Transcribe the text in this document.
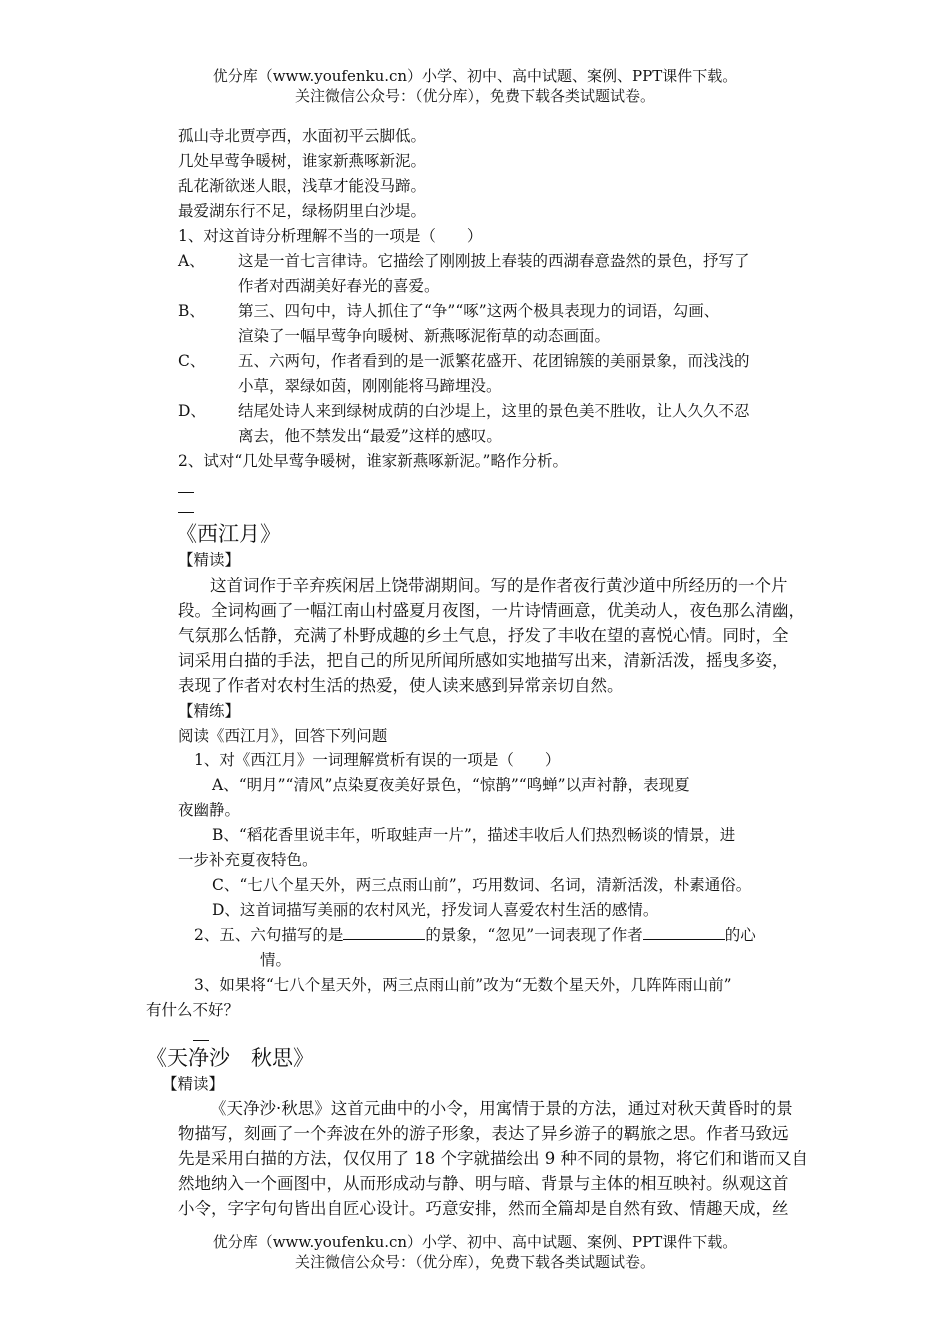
优分库（www.youfenku.cn）小学、初中、高中试题、案例、PPT课件下载。
关注微信公众号：（优分库），免费下载各类试题试卷。
孤山寺北贾亭西，水面初平云脚低。
几处早莺争暖树，谁家新燕啄新泥。
乱花渐欲迷人眼，浅草才能没马蹄。
最爱湖东行不足，绿杨阴里白沙堤。
1、对这首诗分析理解不当的一项是（　　）
A、 这是一首七言律诗。它描绘了刚刚披上春装的西湖春意盎然的景色，抒写了
作者对西湖美好春光的喜爱。
B、 第三、四句中，诗人抓住了“争”“啄”这两个极具表现力的词语，勾画、
渲染了一幅早莺争向暖树、新燕啄泥衔草的动态画面。
C、 五、六两句，作者看到的是一派繁花盛开、花团锦簇的美丽景象，而浅浅的
小草，翠绿如茵，刚刚能将马蹄埋没。
D、 结尾处诗人来到绿树成荫的白沙堤上，这里的景色美不胜收，让人久久不忍
离去，他不禁发出“最爱”这样的感叹。
2、试对“几处早莺争暖树，谁家新燕啄新泥。”略作分析。
《西江月》
【精读】
这首词作于辛弃疾闲居上饶带湖期间。写的是作者夜行黄沙道中所经历的一个片
段。全词构画了一幅江南山村盛夏月夜图，一片诗情画意，优美动人，夜色那么清幽，
气氛那么恬静，充满了朴野成趣的乡土气息，抒发了丰收在望的喜悦心情。同时，全
词采用白描的手法，把自己的所见所闻所感如实地描写出来，清新活泼，摇曳多姿，
表现了作者对农村生活的热爱，使人读来感到异常亲切自然。
【精练】
阅读《西江月》，回答下列问题
1、对《西江月》一词理解赏析有误的一项是（　　）
A、“明月”“清风”点染夏夜美好景色，“惊鹊”“鸣蝉”以声衬静，表现夏
夜幽静。
B、“稻花香里说丰年，听取蛙声一片”，描述丰收后人们热烈畅谈的情景，进
一步补充夏夜特色。
C、“七八个星天外，两三点雨山前”，巧用数词、名词，清新活泼，朴素通俗。
D、这首词描写美丽的农村风光，抒发词人喜爱农村生活的感情。
2、五、六句描写的是	的景象，“忽见”一词表现了作者	的心
情。
3、如果将“七八个星天外，两三点雨山前”改为“无数个星天外，几阵阵雨山前”
有什么不好？
《天净沙　秋思》
【精读】
《天净沙·秋思》这首元曲中的小令，用寓情于景的方法，通过对秋天黄昏时的景
物描写，刻画了一个奔波在外的游子形象，表达了异乡游子的羁旅之思。作者马致远
先是采用白描的方法，仅仅用了 18 个字就描绘出 9 种不同的景物，将它们和谐而又自
然地纳入一个画图中，从而形成动与静、明与暗、背景与主体的相互映衬。纵观这首
小令，字字句句皆出自匠心设计。巧意安排，然而全篇却是自然有致、情趣天成，丝
优分库（www.youfenku.cn）小学、初中、高中试题、案例、PPT课件下载。
关注微信公众号：（优分库），免费下载各类试题试卷。
